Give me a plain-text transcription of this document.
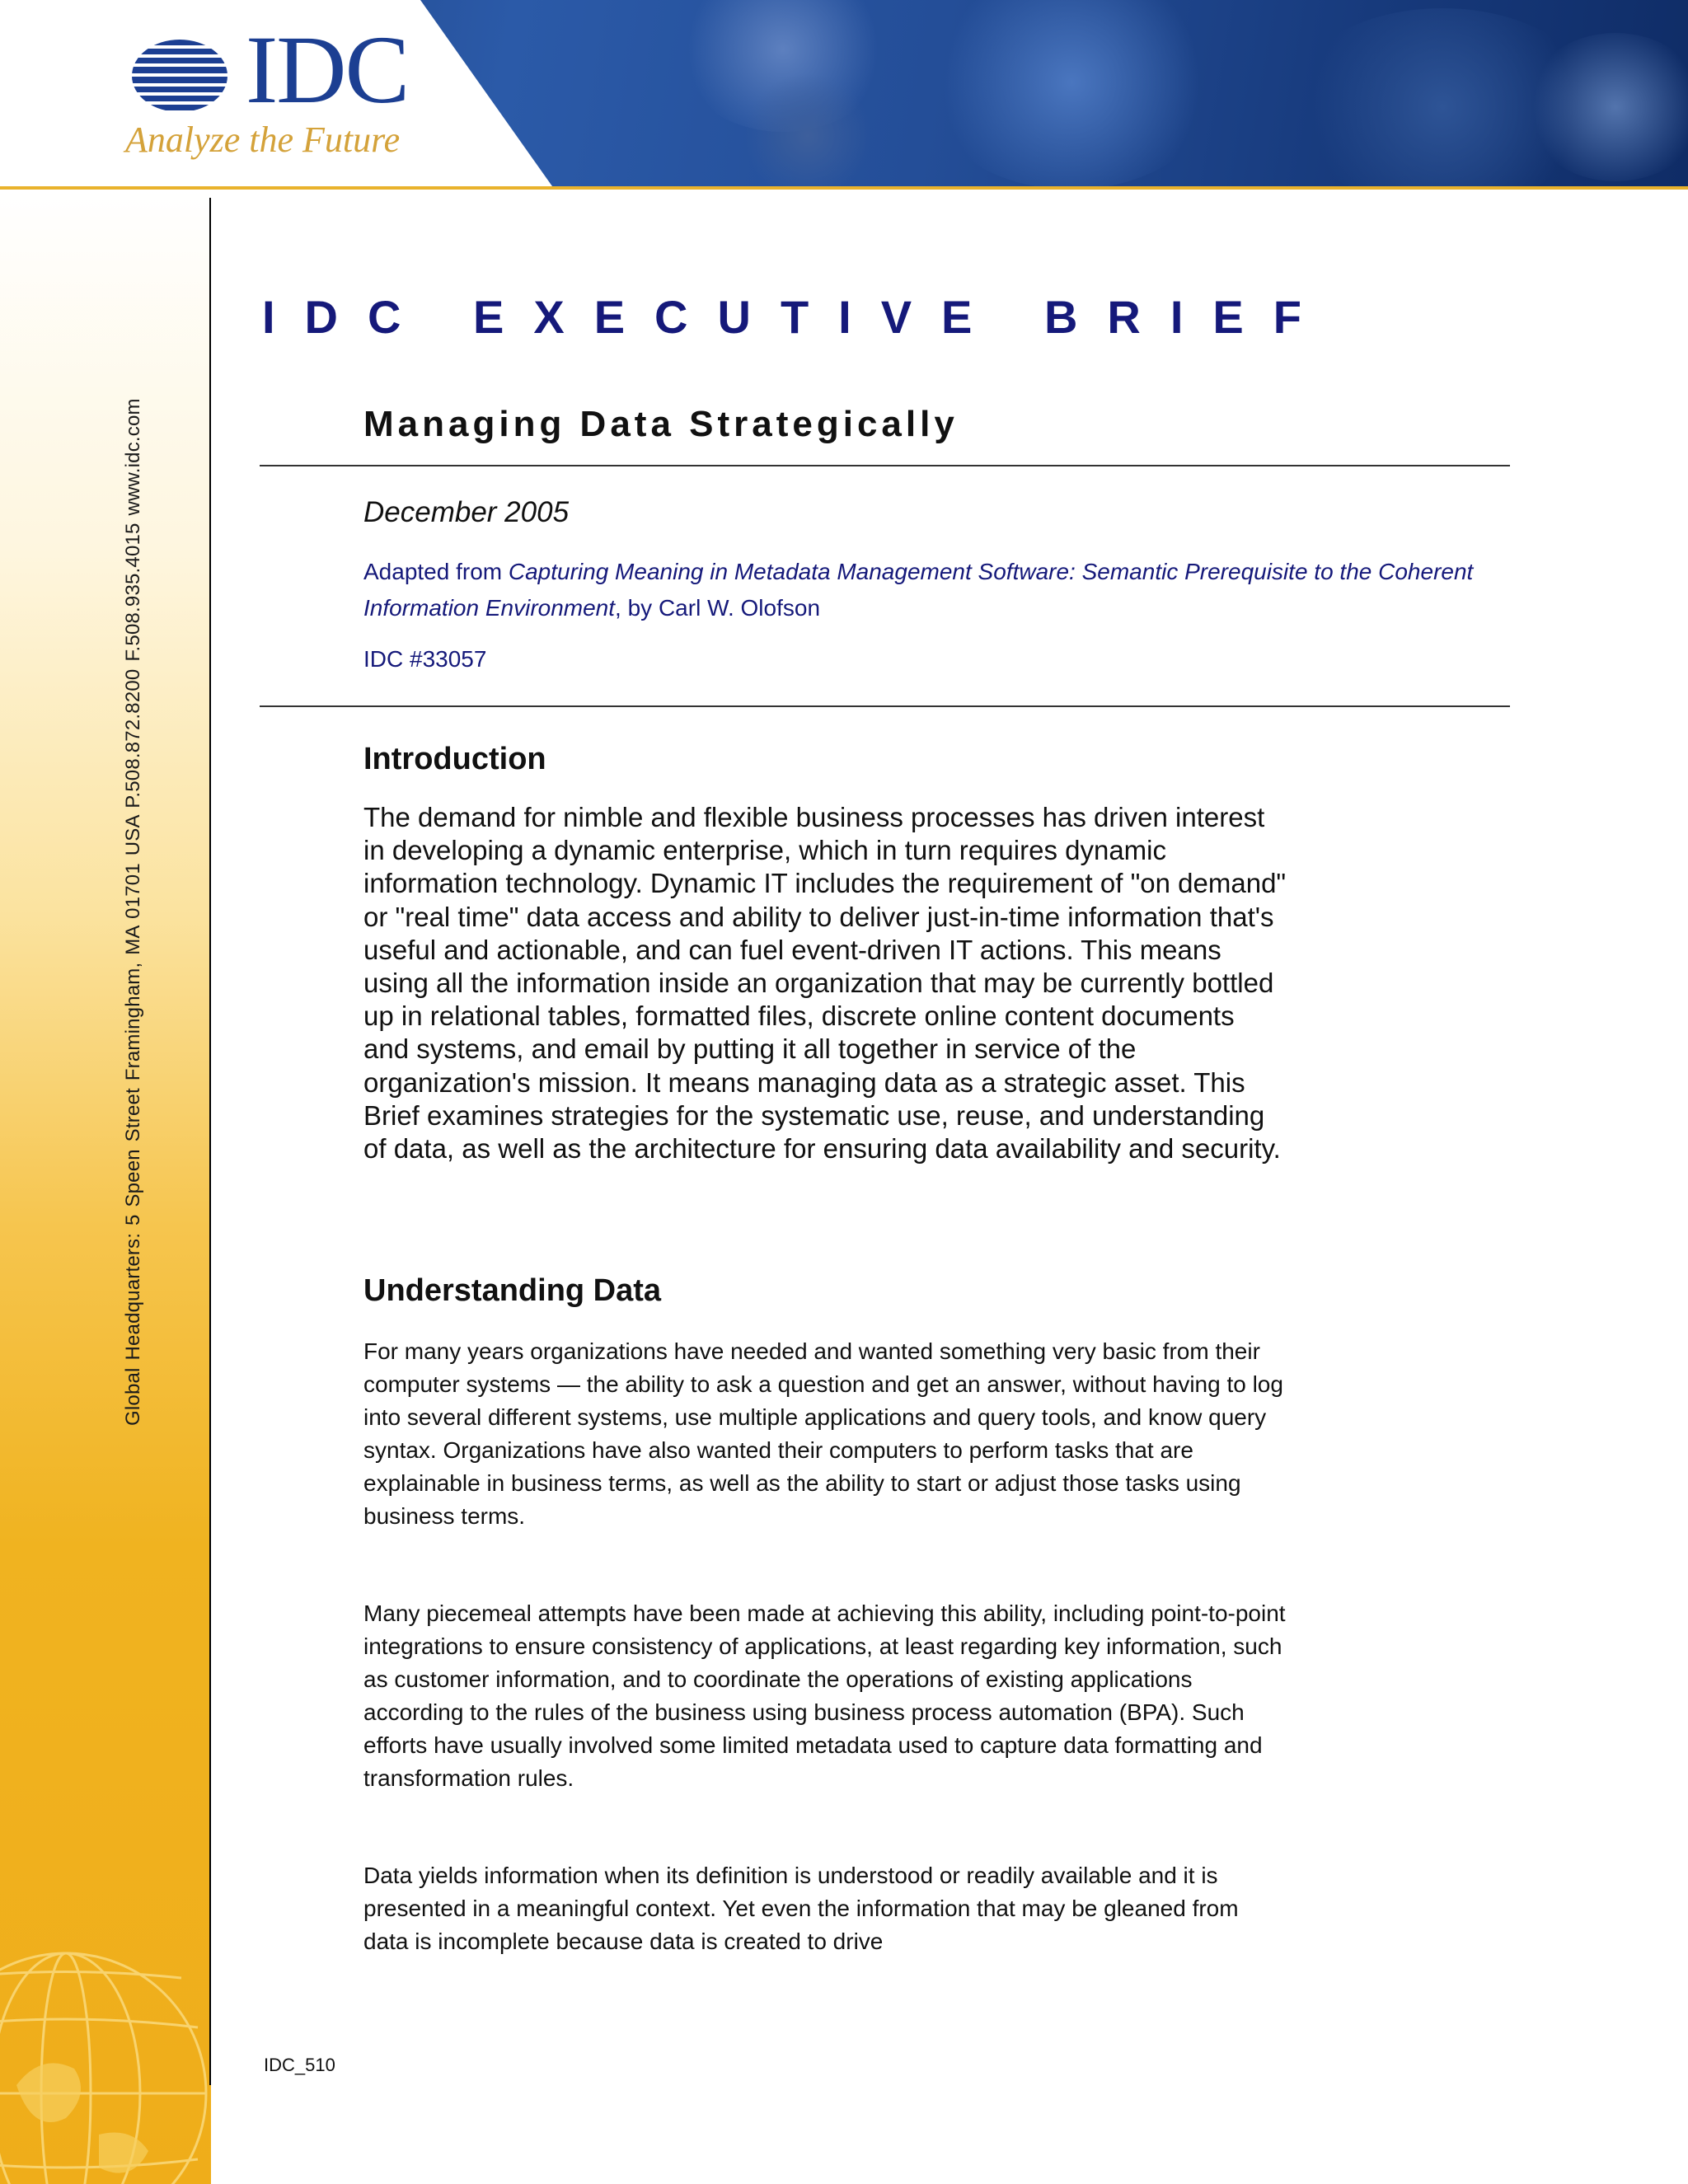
IDC
Analyze the Future
Global Headquarters: 5 Speen Street Framingham, MA 01701 USA P.508.872.8200 F.508.935.4015 www.idc.com
IDC EXECUTIVE BRIEF
Managing Data Strategically
December 2005
Adapted from Capturing Meaning in Metadata Management Software: Semantic Prerequisite to the Coherent Information Environment, by Carl W. Olofson
IDC #33057
Introduction
The demand for nimble and flexible business processes has driven interest in developing a dynamic enterprise, which in turn requires dynamic information technology. Dynamic IT includes the requirement of "on demand" or "real time" data access and ability to deliver just-in-time information that's useful and actionable, and can fuel event-driven IT actions. This means using all the information inside an organization that may be currently bottled up in relational tables, formatted files, discrete online content documents and systems, and email by putting it all together in service of the organization's mission. It means managing data as a strategic asset. This Brief examines strategies for the systematic use, reuse, and understanding of data, as well as the architecture for ensuring data availability and security.
Understanding Data
For many years organizations have needed and wanted something very basic from their computer systems — the ability to ask a question and get an answer, without having to log into several different systems, use multiple applications and query tools, and know query syntax. Organizations have also wanted their computers to perform tasks that are explainable in business terms, as well as the ability to start or adjust those tasks using business terms.
Many piecemeal attempts have been made at achieving this ability, including point-to-point integrations to ensure consistency of applications, at least regarding key information, such as customer information, and to coordinate the operations of existing applications according to the rules of the business using business process automation (BPA). Such efforts have usually involved some limited metadata used to capture data formatting and transformation rules.
Data yields information when its definition is understood or readily available and it is presented in a meaningful context. Yet even the information that may be gleaned from data is incomplete because data is created to drive
IDC_510
